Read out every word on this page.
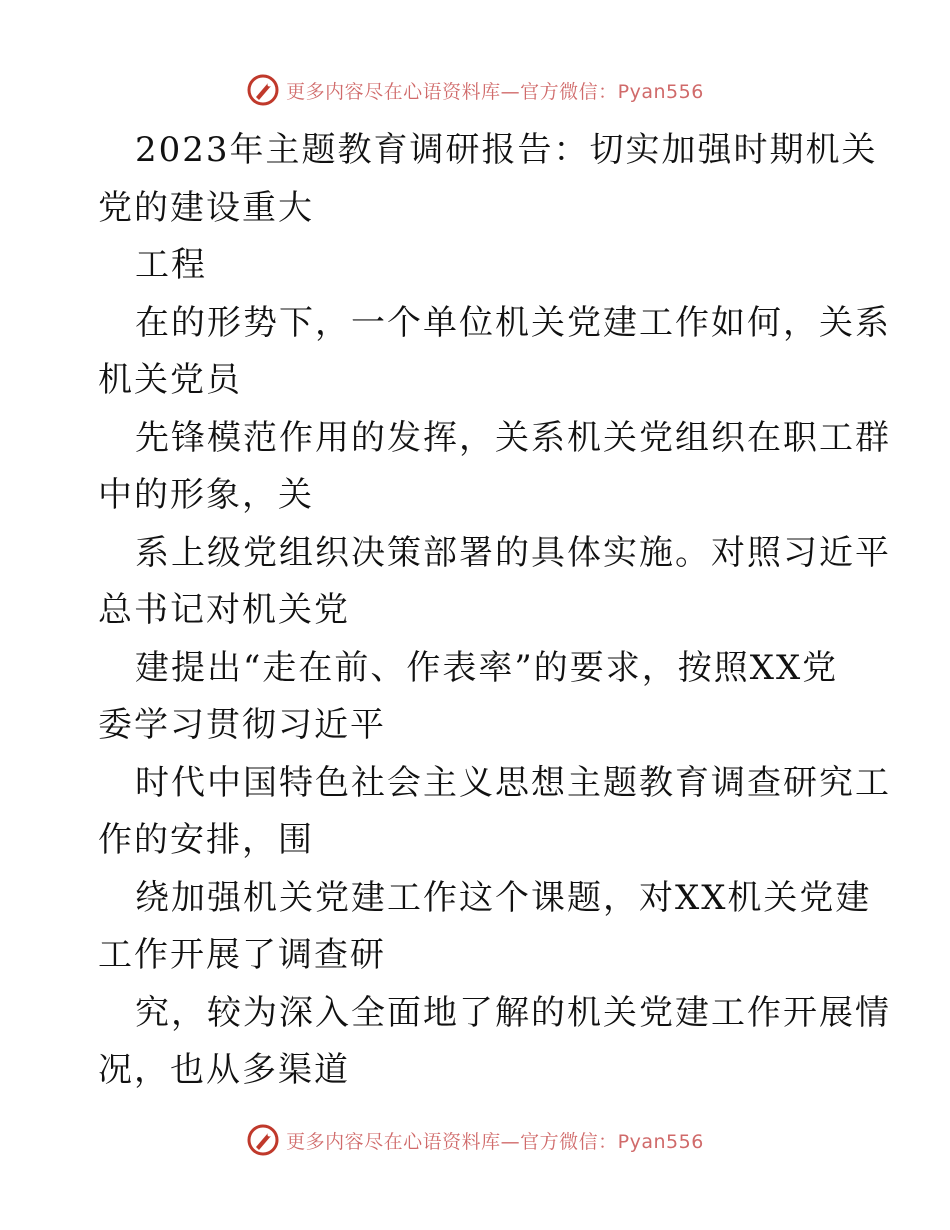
更多内容尽在心语资料库—官方微信：Pyan556
2023年主题教育调研报告：切实加强时期机关
党的建设重大
工程
在的形势下，一个单位机关党建工作如何，关系
机关党员
先锋模范作用的发挥，关系机关党组织在职工群
中的形象，关
系上级党组织决策部署的具体实施。对照习近平
总书记对机关党
建提出“走在前、作表率”的要求，按照XX党
委学习贯彻习近平
时代中国特色社会主义思想主题教育调查研究工
作的安排，围
绕加强机关党建工作这个课题，对XX机关党建
工作开展了调查研
究，较为深入全面地了解的机关党建工作开展情
况，也从多渠道
更多内容尽在心语资料库—官方微信：Pyan556
